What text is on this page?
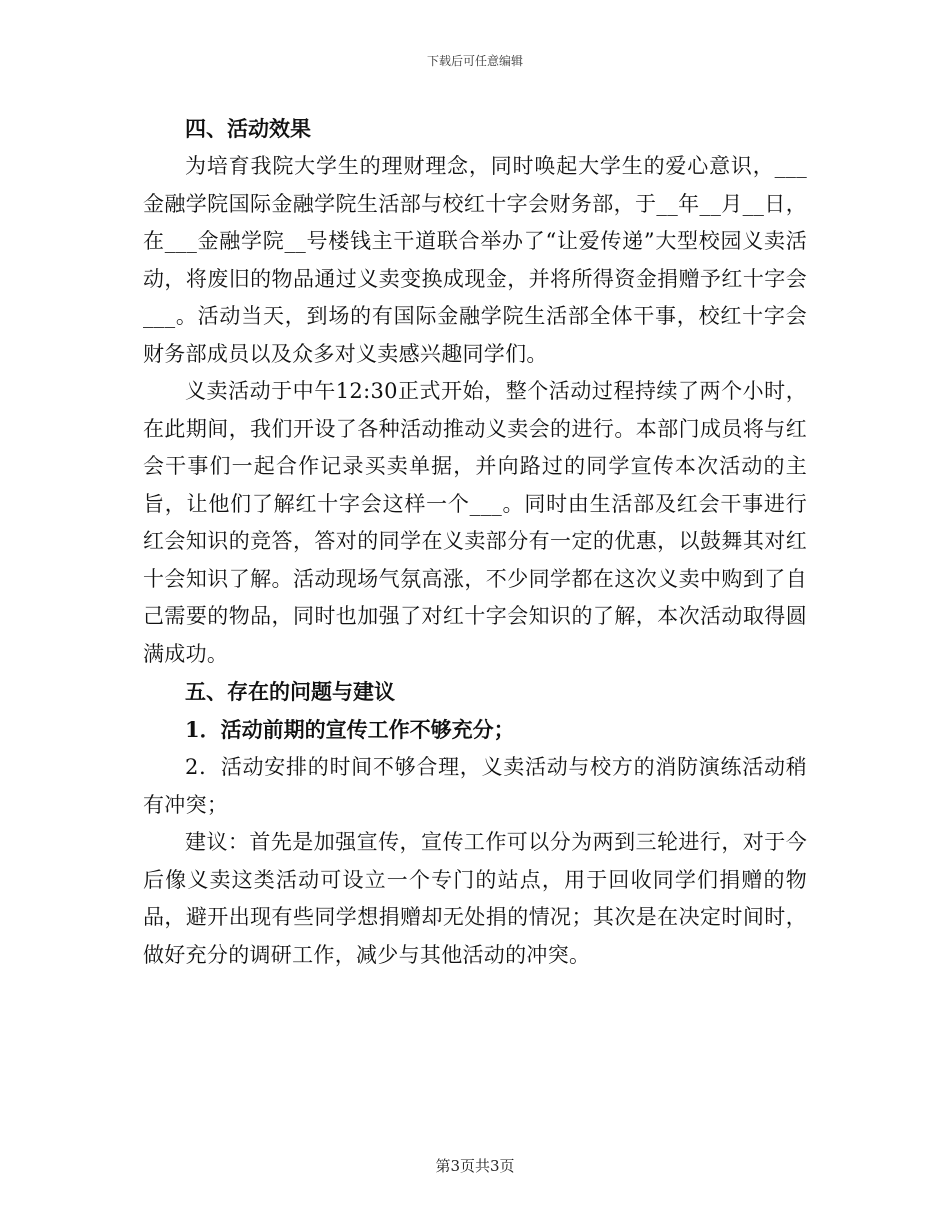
下载后可任意编辑

四、活动效果

为培育我院大学生的理财理念，同时唤起大学生的爱心意识，___金融学院国际金融学院生活部与校红十字会财务部，于__年__月__日，在___金融学院__号楼钱主干道联合举办了“让爱传递”大型校园义卖活动，将废旧的物品通过义卖变换成现金，并将所得资金捐赠予红十字会___。活动当天，到场的有国际金融学院生活部全体干事，校红十字会财务部成员以及众多对义卖感兴趣同学们。

义卖活动于中午12:30正式开始，整个活动过程持续了两个小时，在此期间，我们开设了各种活动推动义卖会的进行。本部门成员将与红会干事们一起合作记录买卖单据，并向路过的同学宣传本次活动的主旨，让他们了解红十字会这样一个___。同时由生活部及红会干事进行红会知识的竞答，答对的同学在义卖部分有一定的优惠，以鼓舞其对红十会知识了解。活动现场气氛高涨，不少同学都在这次义卖中购到了自己需要的物品，同时也加强了对红十字会知识的了解，本次活动取得圆满成功。

五、存在的问题与建议

1．活动前期的宣传工作不够充分；

2．活动安排的时间不够合理，义卖活动与校方的消防演练活动稍有冲突；

建议：首先是加强宣传，宣传工作可以分为两到三轮进行，对于今后像义卖这类活动可设立一个专门的站点，用于回收同学们捐赠的物品，避开出现有些同学想捐赠却无处捐的情况；其次是在决定时间时，做好充分的调研工作，减少与其他活动的冲突。

第3页共3页
